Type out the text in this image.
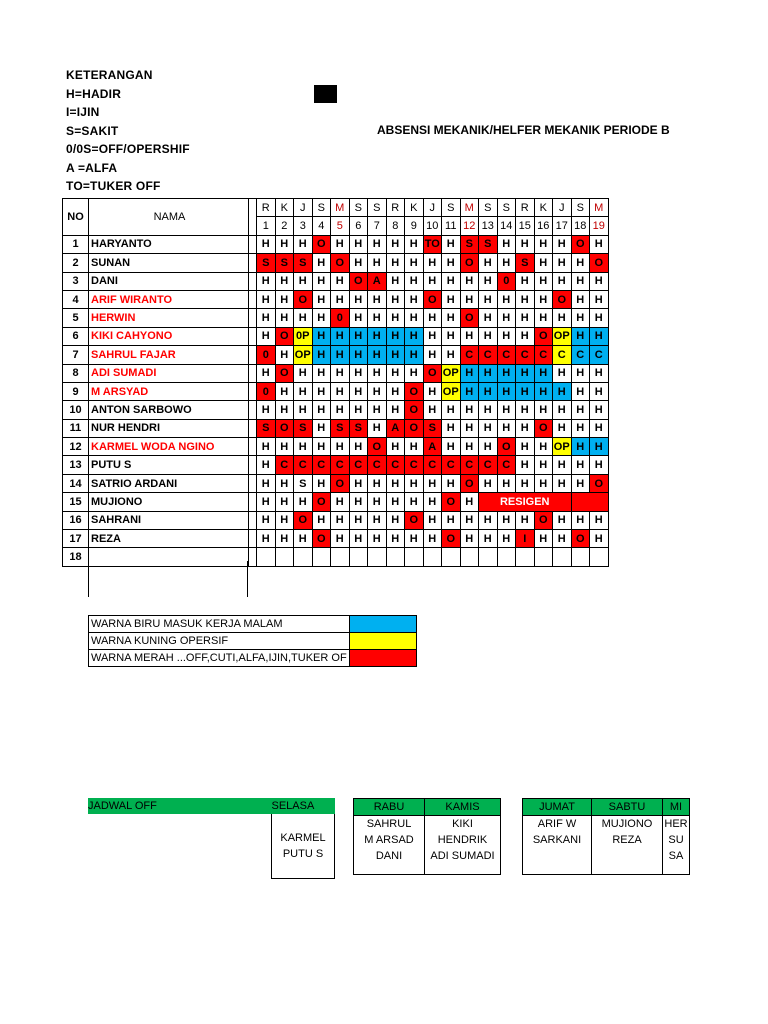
KETERANGAN
H=HADIR
I=IJIN
S=SAKIT
0/0S=OFF/OPERSHIF
A =ALFA
TO=TUKER OFF
ABSENSI MEKANIK/HELFER MEKANIK PERIODE B
NO	NAMA		R	K	J	S	M	S	S	R	K	J	S	M	S	S	R	K	J	S	M
			1	2	3	4	5	6	7	8	9	10	11	12	13	14	15	16	17	18	19
1	HARYANTO		H	H	H	O	H	H	H	H	H	TO	H	S	S	H	H	H	H	O	H
2	SUNAN		S	S	S	H	O	H	H	H	H	H	H	O	H	H	S	H	H	H	O
3	DANI		H	H	H	H	H	O	A	H	H	H	H	H	H	0	H	H	H	H	H
4	ARIF WIRANTO		H	H	O	H	H	H	H	H	H	O	H	H	H	H	H	H	O	H	H
5	HERWIN		H	H	H	H	0	H	H	H	H	H	H	O	H	H	H	H	H	H	H
6	KIKI CAHYONO		H	O	0P	H	H	H	H	H	H	H	H	H	H	H	H	O	OP	H	H
7	SAHRUL FAJAR		0	H	OP	H	H	H	H	H	H	H	H	C	C	C	C	C	C	C	C
8	ADI SUMADI		H	O	H	H	H	H	H	H	H	O	OP	H	H	H	H	H	H	H	H
9	M ARSYAD		0	H	H	H	H	H	H	H	O	H	OP	H	H	H	H	H	H	H	H
10	ANTON SARBOWO		H	H	H	H	H	H	H	H	O	H	H	H	H	H	H	H	H	H	H
11	NUR HENDRI		S	O	S	H	S	S	H	A	O	S	H	H	H	H	H	O	H	H	H
12	KARMEL WODA NGINO		H	H	H	H	H	H	O	H	H	A	H	H	H	O	H	H	OP	H	H
13	PUTU S		H	C	C	C	C	C	C	C	C	C	C	C	C	C	H	H	H	H	H
14	SATRIO ARDANI		H	H	S	H	O	H	H	H	H	H	H	O	H	H	H	H	H	H	O
15	MUJIONO		H	H	H	O	H	H	H	H	H	H	O	H	RESIGEN						
16	SAHRANI		H	H	O	H	H	H	H	H	O	H	H	H	H	H	H	O	H	H	H
17	REZA		H	H	H	O	H	H	H	H	H	H	O	H	H	H	I	H	H	O	H
18																					
WARNA BIRU MASUK KERJA MALAM	
WARNA KUNING OPERSIF	
WARNA MERAH ...OFF,CUTI,ALFA,IJIN,TUKER OF	
JADWAL OFF	SELASA

	KARMEL
	PUTU S

RABU	KAMIS
SAHRUL	KIKI
M ARSAD	HENDRIK
DANI	ADI SUMADI

JUMAT	SABTU	MI
ARIF W	MUJIONO	HER
SARKANI	REZA	SU
		SA
